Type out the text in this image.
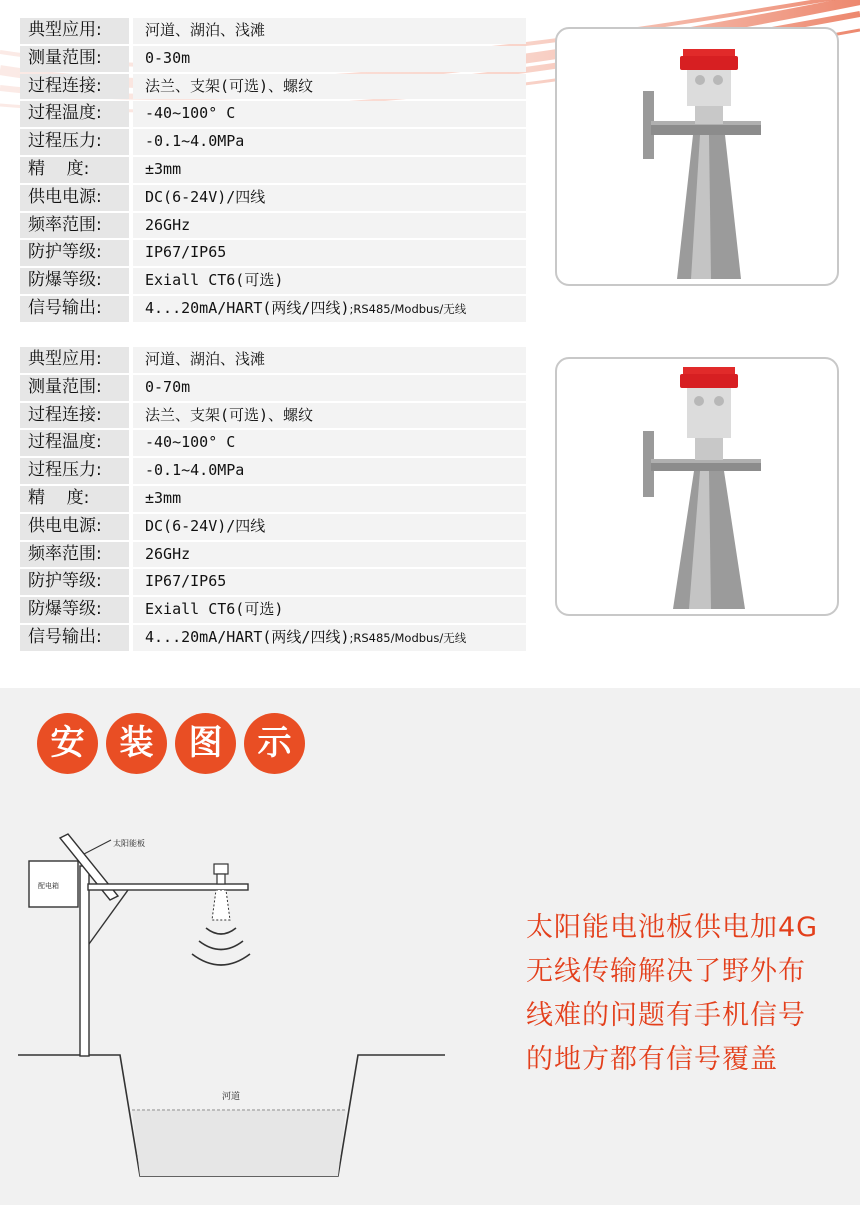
典型应用:	河道、湖泊、浅滩
测量范围:	0-30m
过程连接:	法兰、支架(可选)、螺纹
过程温度:	-40~100° C
过程压力:	-0.1~4.0MPa
精    度:	±3mm
供电电源:	DC(6-24V)/四线
频率范围:	26GHz
防护等级:	IP67/IP65
防爆等级:	Exiall CT6(可选)
信号输出:	4...20mA/HART(两线/四线);RS485/Modbus/无线
典型应用:	河道、湖泊、浅滩
测量范围:	0-70m
过程连接:	法兰、支架(可选)、螺纹
过程温度:	-40~100° C
过程压力:	-0.1~4.0MPa
精    度:	±3mm
供电电源:	DC(6-24V)/四线
频率范围:	26GHz
防护等级:	IP67/IP65
防爆等级:	Exiall CT6(可选)
信号输出:	4...20mA/HART(两线/四线);RS485/Modbus/无线
安	装	图	示
河道
配电箱
太阳能板
太阳能电池板供电加4G
无线传输解决了野外布
线难的问题有手机信号
的地方都有信号覆盖
